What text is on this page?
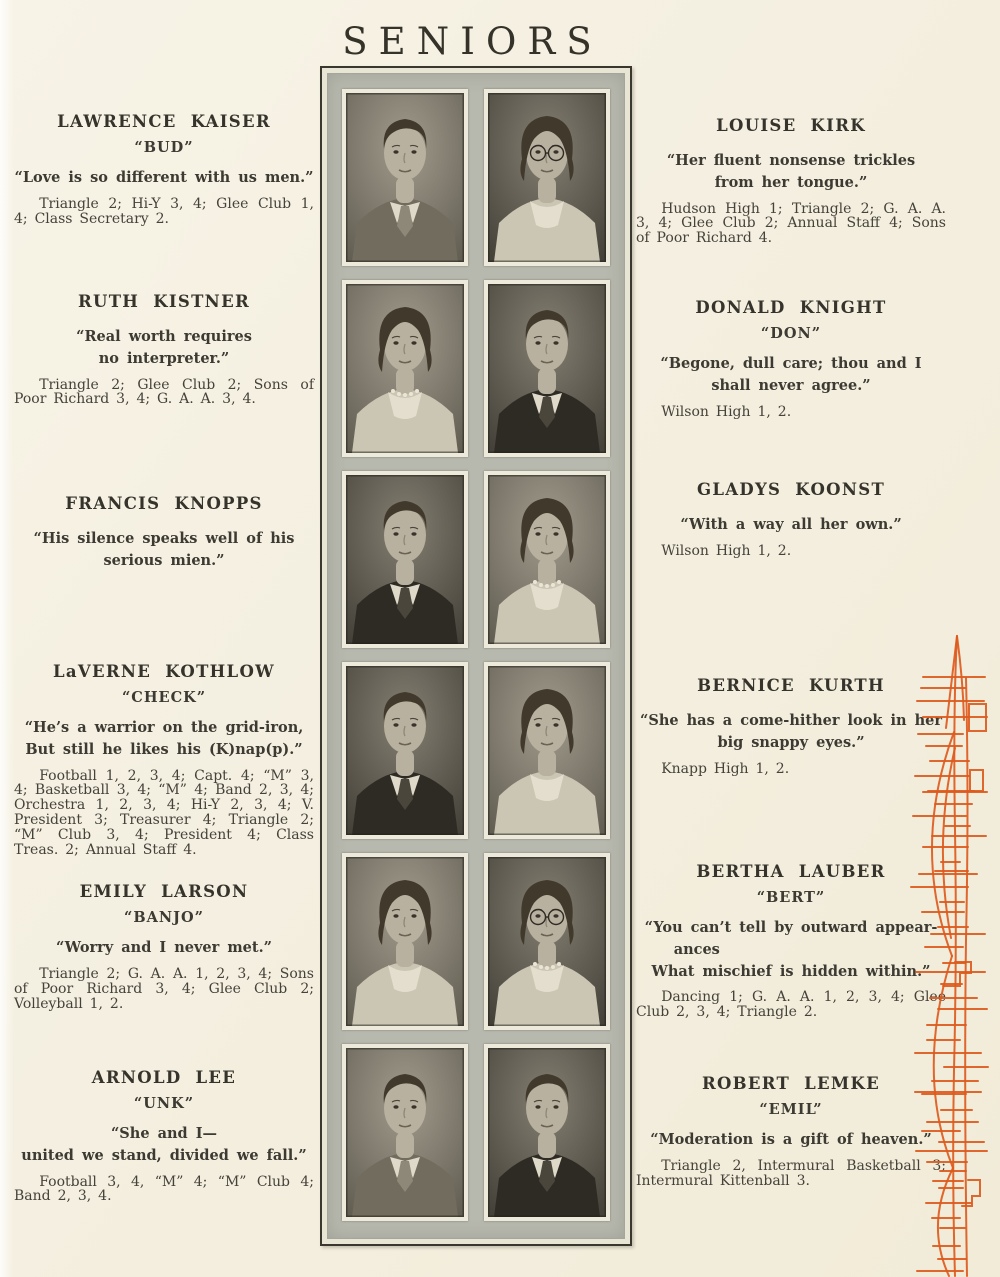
SENIORS
LAWRENCE KAISER
“BUD”
“Love is so different with us men.”
Triangle 2; Hi-Y 3, 4; Glee Club 1, 4; Class Secretary 2.
RUTH KISTNER
“Real worth requires
no interpreter.”
Triangle 2; Glee Club 2; Sons of Poor Richard 3, 4; G. A. A. 3, 4.
FRANCIS KNOPPS
“His silence speaks well of his
serious mien.”
LaVERNE KOTHLOW
“CHECK”
“He’s a warrior on the grid-iron,
But still he likes his (K)nap(p).”
Football 1, 2, 3, 4; Capt. 4; “M” 3, 4; Basketball 3, 4; “M” 4; Band 2, 3, 4; Orchestra 1, 2, 3, 4; Hi-Y 2, 3, 4; V. President 3; Treasurer 4; Triangle 2; “M” Club 3, 4; President 4; Class Treas. 2; Annual Staff 4.
EMILY LARSON
“BANJO”
“Worry and I never met.”
Triangle 2; G. A. A. 1, 2, 3, 4; Sons of Poor Richard 3, 4; Glee Club 2; Volleyball 1, 2.
ARNOLD LEE
“UNK”
“She and I—
united we stand, divided we fall.”
Football 3, 4, “M” 4; “M” Club 4; Band 2, 3, 4.
LOUISE KIRK
“Her fluent nonsense trickles
from her tongue.”
Hudson High 1; Triangle 2; G. A. A. 3, 4; Glee Club 2; Annual Staff 4; Sons of Poor Richard 4.
DONALD KNIGHT
“DON”
“Begone, dull care; thou and I
shall never agree.”
Wilson High 1, 2.
GLADYS KOONST
“With a way all her own.”
Wilson High 1, 2.
BERNICE KURTH
“She has a come-hither look in her
big snappy eyes.”
Knapp High 1, 2.
BERTHA LAUBER
“BERT”
“You can’t tell by outward appear-
ances
What mischief is hidden within.”
Dancing 1; G. A. A. 1, 2, 3, 4; Glee Club 2, 3, 4; Triangle 2.
ROBERT LEMKE
“EMIL”
“Moderation is a gift of heaven.”
Triangle 2, Intermural Basketball 3; Intermural Kittenball 3.
